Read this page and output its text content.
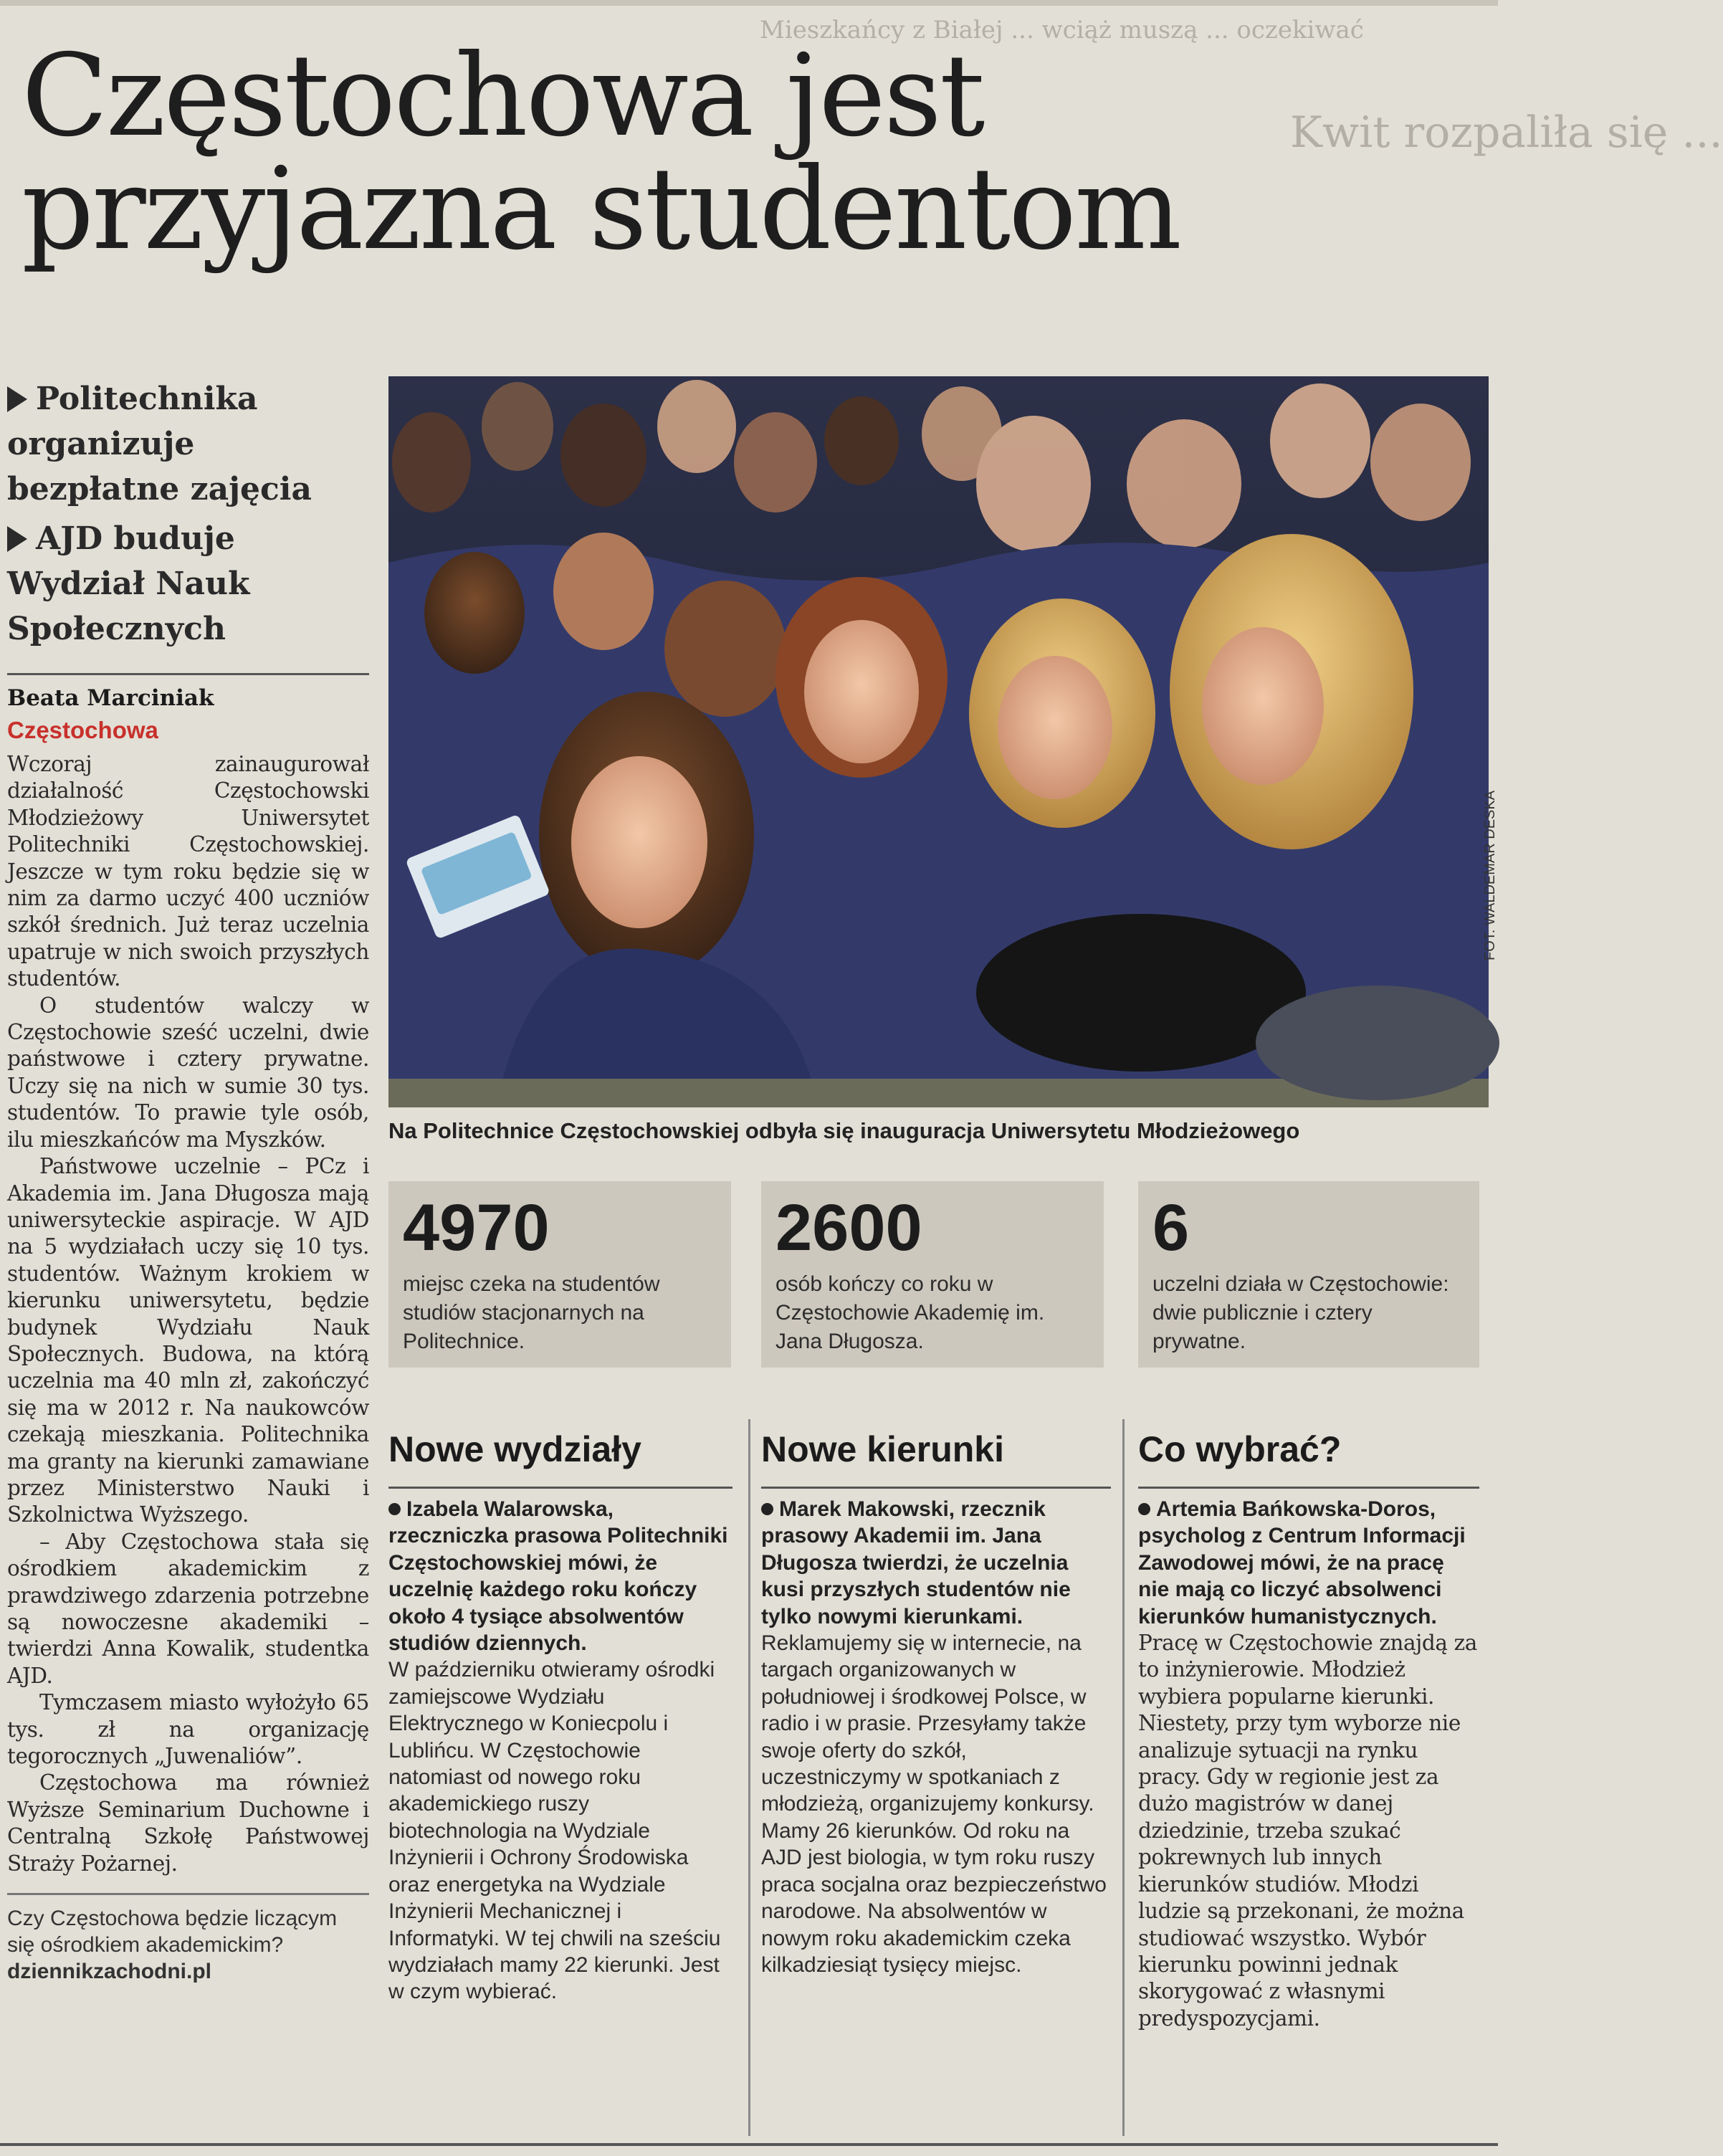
Mieszkańcy z Białej ... wciąż muszą ... oczekiwać
Kwit rozpaliła się ...
Częstochowa jest
przyjazna studentom
Politechnika organizuje bezpłatne zajęcia
AJD buduje Wydział Nauk Społecznych
Beata Marciniak
Częstochowa

Wczoraj zainaugurował działalność Częstochowski Młodzieżowy Uniwersytet Politechniki Częstochowskiej. Jeszcze w tym roku będzie się w nim za darmo uczyć 400 uczniów szkół średnich. Już teraz uczelnia upatruje w nich swoich przyszłych studentów.

O studentów walczy w Częstochowie sześć uczelni, dwie państwowe i cztery prywatne. Uczy się na nich w sumie 30 tys. studentów. To prawie tyle osób, ilu mieszkańców ma Myszków.

Państwowe uczelnie – PCz i Akademia im. Jana Długosza mają uniwersyteckie aspiracje. W AJD na 5 wydziałach uczy się 10 tys. studentów. Ważnym krokiem w kierunku uniwersytetu, będzie budynek Wydziału Nauk Społecznych. Budowa, na którą uczelnia ma 40 mln zł, zakończyć się ma w 2012 r. Na naukowców czekają mieszkania. Politechnika ma granty na kierunki zamawiane przez Ministerstwo Nauki i Szkolnictwa Wyższego.

– Aby Częstochowa stała się ośrodkiem akademickim z prawdziwego zdarzenia potrzebne są nowoczesne akademiki – twierdzi Anna Kowalik, studentka AJD.

Tymczasem miasto wyłożyło 65 tys. zł na organizację tegorocznych „Juwenaliów”.

Częstochowa ma również Wyższe Seminarium Duchowne i Centralną Szkołę Państwowej Straży Pożarnej.

Czy Częstochowa będzie liczącym się ośrodkiem akademickim? dziennikzachodni.pl
FOT. WALDEMAR DESKA
Na Politechnice Częstochowskiej odbyła się inauguracja Uniwersytetu Młodzieżowego
4970
miejsc czeka na studentów studiów stacjonarnych na Politechnice.
2600
osób kończy co roku w Częstochowie Akademię im. Jana Długosza.
6
uczelni działa w Częstochowie: dwie publicznie i cztery prywatne.
Nowe wydziały
Izabela Walarowska, rzeczniczka prasowa Politechniki Częstochowskiej mówi, że uczelnię każdego roku kończy około 4 tysiące absolwentów studiów dziennych.
W październiku otwieramy ośrodki zamiejscowe Wydziału Elektrycznego w Koniecpolu i Lublińcu. W Częstochowie natomiast od nowego roku akademickiego ruszy biotechnologia na Wydziale Inżynierii i Ochrony Środowiska oraz energetyka na Wydziale Inżynierii Mechanicznej i Informatyki. W tej chwili na sześciu wydziałach mamy 22 kierunki. Jest w czym wybierać.
Nowe kierunki
Marek Makowski, rzecznik prasowy Akademii im. Jana Długosza twierdzi, że uczelnia kusi przyszłych studentów nie tylko nowymi kierunkami.
Reklamujemy się w internecie, na targach organizowanych w południowej i środkowej Polsce, w radio i w prasie. Przesyłamy także swoje oferty do szkół, uczestniczymy w spotkaniach z młodzieżą, organizujemy konkursy. Mamy 26 kierunków. Od roku na AJD jest biologia, w tym roku ruszy praca socjalna oraz bezpieczeństwo narodowe. Na absolwentów w nowym roku akademickim czeka kilkadziesiąt tysięcy miejsc.
Co wybrać?
Artemia Bańkowska-Doros, psycholog z Centrum Informacji Zawodowej mówi, że na pracę nie mają co liczyć absolwenci kierunków humanistycznych.
Pracę w Częstochowie znajdą za to inżynierowie. Młodzież wybiera popularne kierunki. Niestety, przy tym wyborze nie analizuje sytuacji na rynku pracy. Gdy w regionie jest za dużo magistrów w danej dziedzinie, trzeba szukać pokrewnych lub innych kierunków studiów. Młodzi ludzie są przekonani, że można studiować wszystko. Wybór kierunku powinni jednak skorygować z własnymi predyspozycjami.
